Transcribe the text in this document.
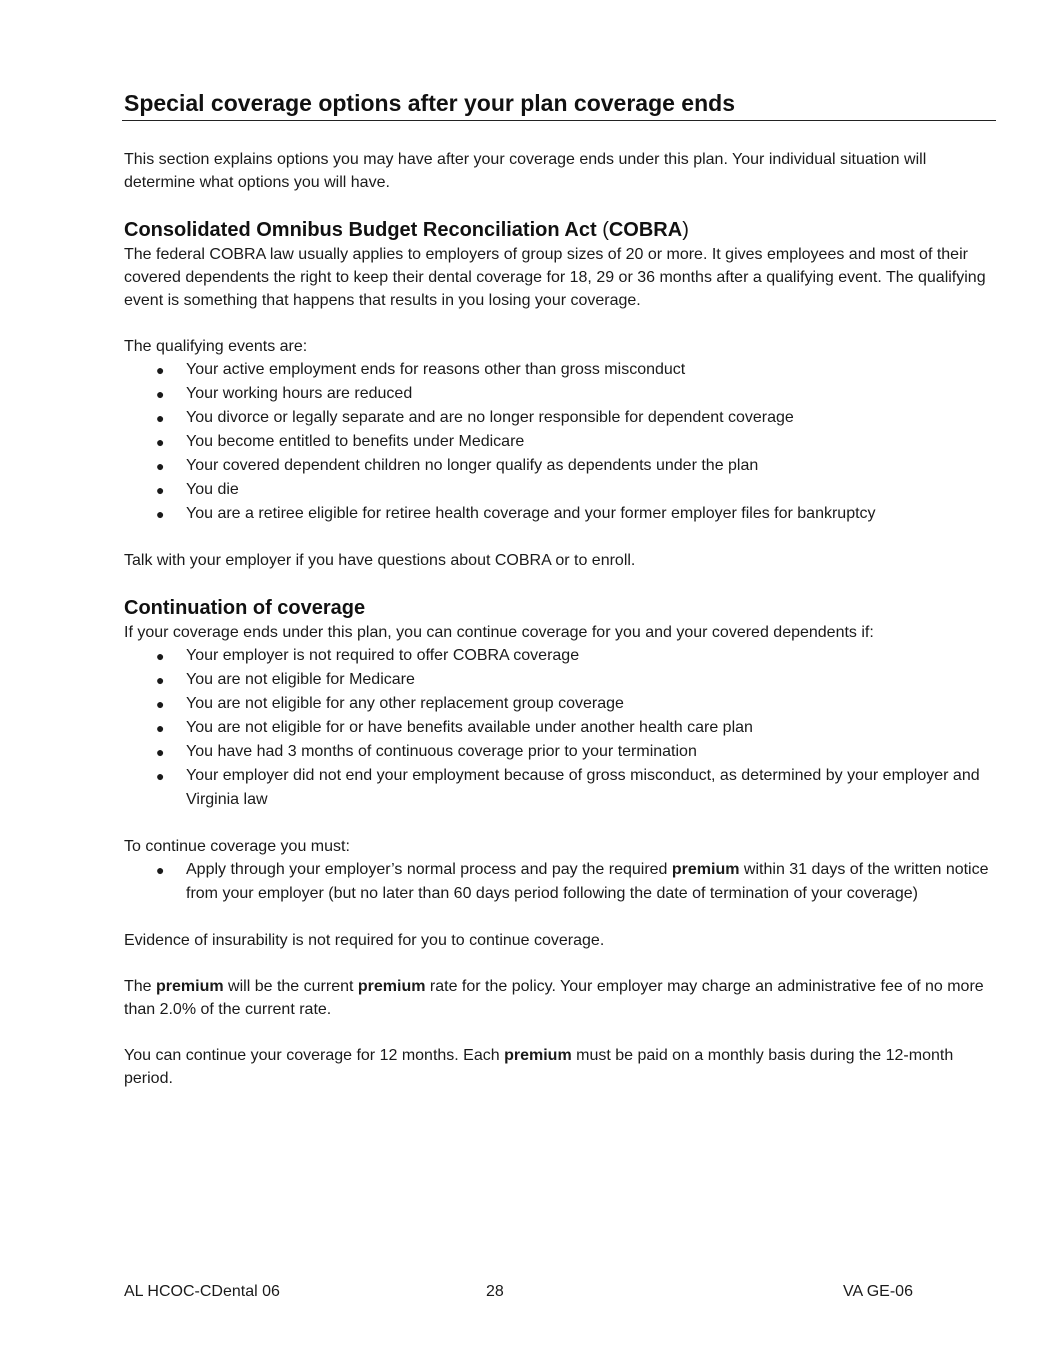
Special coverage options after your plan coverage ends

This section explains options you may have after your coverage ends under this plan. Your individual situation will determine what options you will have.

Consolidated Omnibus Budget Reconciliation Act (COBRA)

The federal COBRA law usually applies to employers of group sizes of 20 or more. It gives employees and most of their covered dependents the right to keep their dental coverage for 18, 29 or 36 months after a qualifying event. The qualifying event is something that happens that results in you losing your coverage.

The qualifying events are:

● Your active employment ends for reasons other than gross misconduct
● Your working hours are reduced
● You divorce or legally separate and are no longer responsible for dependent coverage
● You become entitled to benefits under Medicare
● Your covered dependent children no longer qualify as dependents under the plan
● You die
● You are a retiree eligible for retiree health coverage and your former employer files for bankruptcy

Talk with your employer if you have questions about COBRA or to enroll.

Continuation of coverage

If your coverage ends under this plan, you can continue coverage for you and your covered dependents if:

● Your employer is not required to offer COBRA coverage
● You are not eligible for Medicare
● You are not eligible for any other replacement group coverage
● You are not eligible for or have benefits available under another health care plan
● You have had 3 months of continuous coverage prior to your termination
● Your employer did not end your employment because of gross misconduct, as determined by your employer and Virginia law

To continue coverage you must:

● Apply through your employer’s normal process and pay the required premium within 31 days of the written notice from your employer (but no later than 60 days period following the date of termination of your coverage)

Evidence of insurability is not required for you to continue coverage.

The premium will be the current premium rate for the policy. Your employer may charge an administrative fee of no more than 2.0% of the current rate.

You can continue your coverage for 12 months. Each premium must be paid on a monthly basis during the 12-month period.

AL HCOC-CDental 06	28	VA GE-06
